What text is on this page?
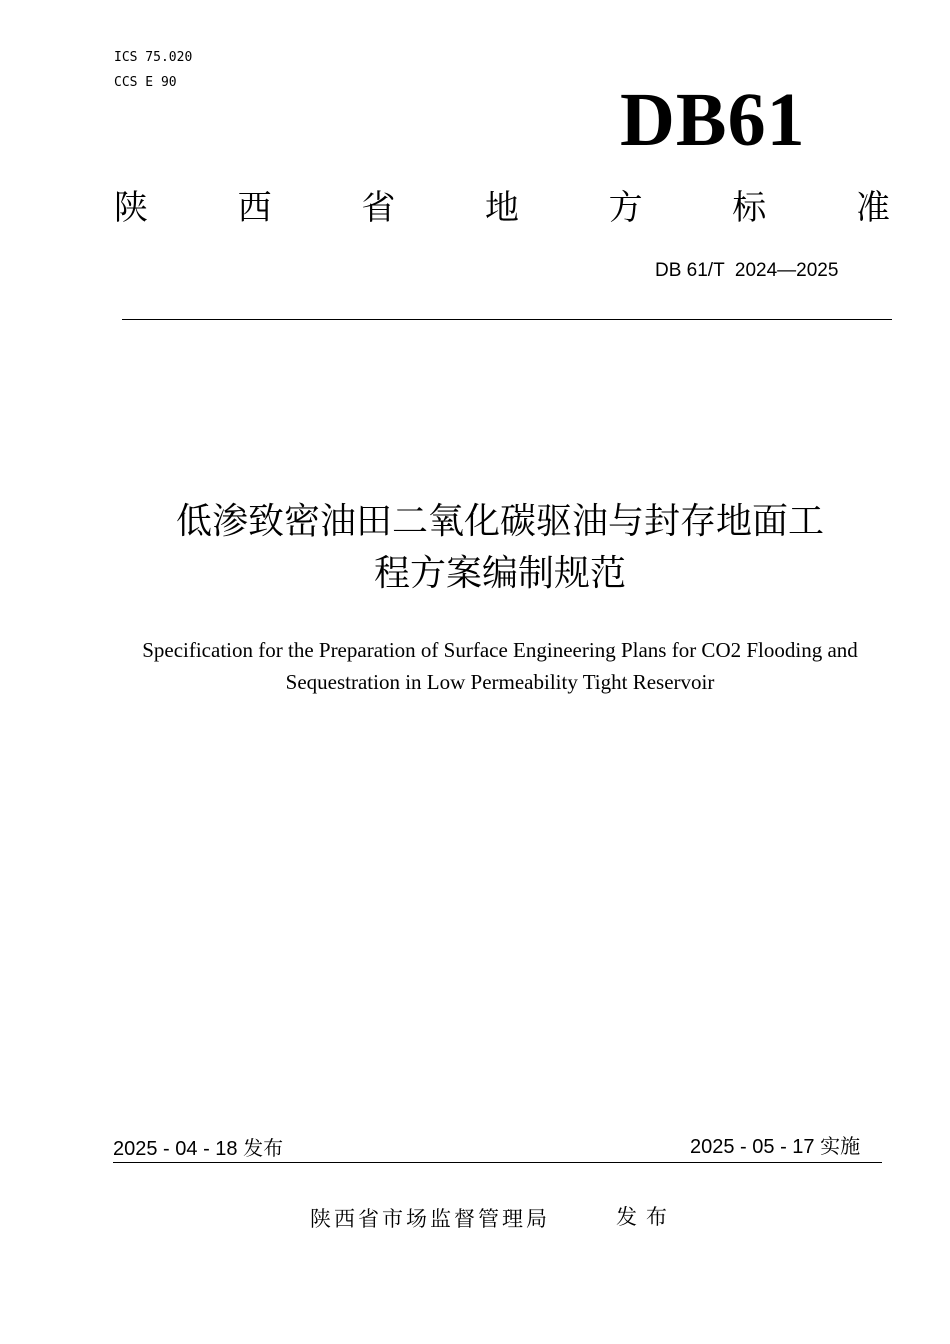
ICS 75.020
CCS E 90	DB61
陕	西	省	地	方	标	准
DB 61/T  2024—2025
低渗致密油田二氧化碳驱油与封存地面工
程方案编制规范
Specification for the Preparation of Surface Engineering Plans for CO2 Flooding and
Sequestration in Low Permeability Tight Reservoir
2025 - 04 - 18 发布	2025 - 05 - 17 实施
陕西省市场监督管理局	发布
